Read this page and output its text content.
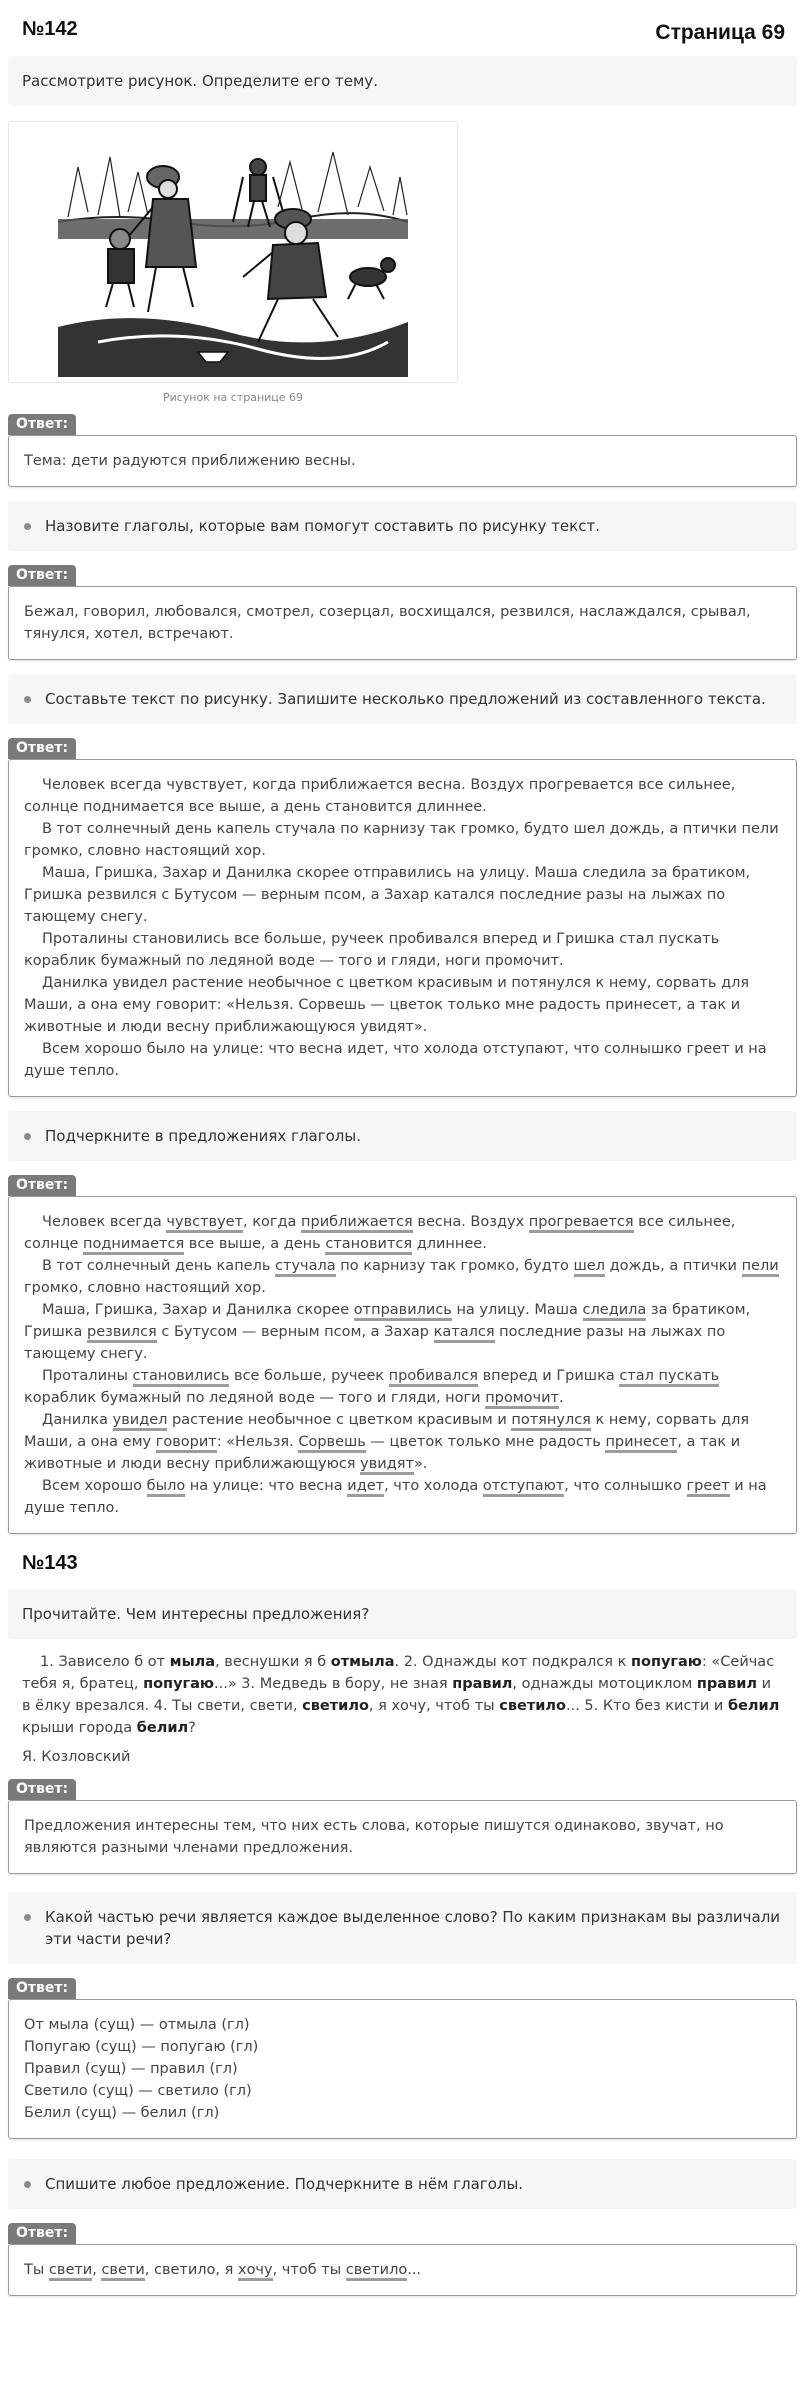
Страница 69
№142
Рассмотрите рисунок. Определите его тему.
Рисунок на странице 69
Ответ:
Тема: дети радуются приближению весны.
Назовите глаголы, которые вам помогут составить по рисунку текст.
Ответ:
Бежал, говорил, любовался, смотрел, созерцал, восхищался, резвился, наслаждался, срывал, тянулся, хотел, встречают.
Составьте текст по рисунку. Запишите несколько предложений из составленного текста.
Ответ:
Человек всегда чувствует, когда приближается весна. Воздух прогревается все сильнее, солнце поднимается все выше, а день становится длиннее.
В тот солнечный день капель стучала по карнизу так громко, будто шел дождь, а птички пели громко, словно настоящий хор.
Маша, Гришка, Захар и Данилка скорее отправились на улицу. Маша следила за братиком, Гришка резвился с Бутусом — верным псом, а Захар катался последние разы на лыжах по тающему снегу.
Проталины становились все больше, ручеек пробивался вперед и Гришка стал пускать кораблик бумажный по ледяной воде — того и гляди, ноги промочит.
Данилка увидел растение необычное с цветком красивым и потянулся к нему, сорвать для Маши, а она ему говорит: «Нельзя. Сорвешь — цветок только мне радость принесет, а так и животные и люди весну приближающуюся увидят».
Всем хорошо было на улице: что весна идет, что холода отступают, что солнышко греет и на душе тепло.
Подчеркните в предложениях глаголы.
Ответ:
Человек всегда чувствует, когда приближается весна. Воздух прогревается все сильнее, солнце поднимается все выше, а день становится длиннее.
В тот солнечный день капель стучала по карнизу так громко, будто шел дождь, а птички пели громко, словно настоящий хор.
Маша, Гришка, Захар и Данилка скорее отправились на улицу. Маша следила за братиком, Гришка резвился с Бутусом — верным псом, а Захар катался последние разы на лыжах по тающему снегу.
Проталины становились все больше, ручеек пробивался вперед и Гришка стал пускать кораблик бумажный по ледяной воде — того и гляди, ноги промочит.
Данилка увидел растение необычное с цветком красивым и потянулся к нему, сорвать для Маши, а она ему говорит: «Нельзя. Сорвешь — цветок только мне радость принесет, а так и животные и люди весну приближающуюся увидят».
Всем хорошо было на улице: что весна идет, что холода отступают, что солнышко греет и на душе тепло.
№143
Прочитайте. Чем интересны предложения?
1. Зависело б от мыла, веснушки я б отмыла. 2. Однажды кот подкрался к попугаю: «Сейчас тебя я, братец, попугаю...» 3. Медведь в бору, не зная правил, однажды мотоциклом правил и в ёлку врезался. 4. Ты свети, свети, светило, я хочу, чтоб ты светило... 5. Кто без кисти и белил крыши города белил?
Я. Козловский
Ответ:
Предложения интересны тем, что них есть слова, которые пишутся одинаково, звучат, но являются разными членами предложения.
Какой частью речи является каждое выделенное слово? По каким признакам вы различали эти части речи?
Ответ:
От мыла (сущ) — отмыла (гл)
Попугаю (сущ) — попугаю (гл)
Правил (сущ) — правил (гл)
Светило (сущ) — светило (гл)
Белил (сущ) — белил (гл)
Спишите любое предложение. Подчеркните в нём глаголы.
Ответ:
Ты свети, свети, светило, я хочу, чтоб ты светило...
